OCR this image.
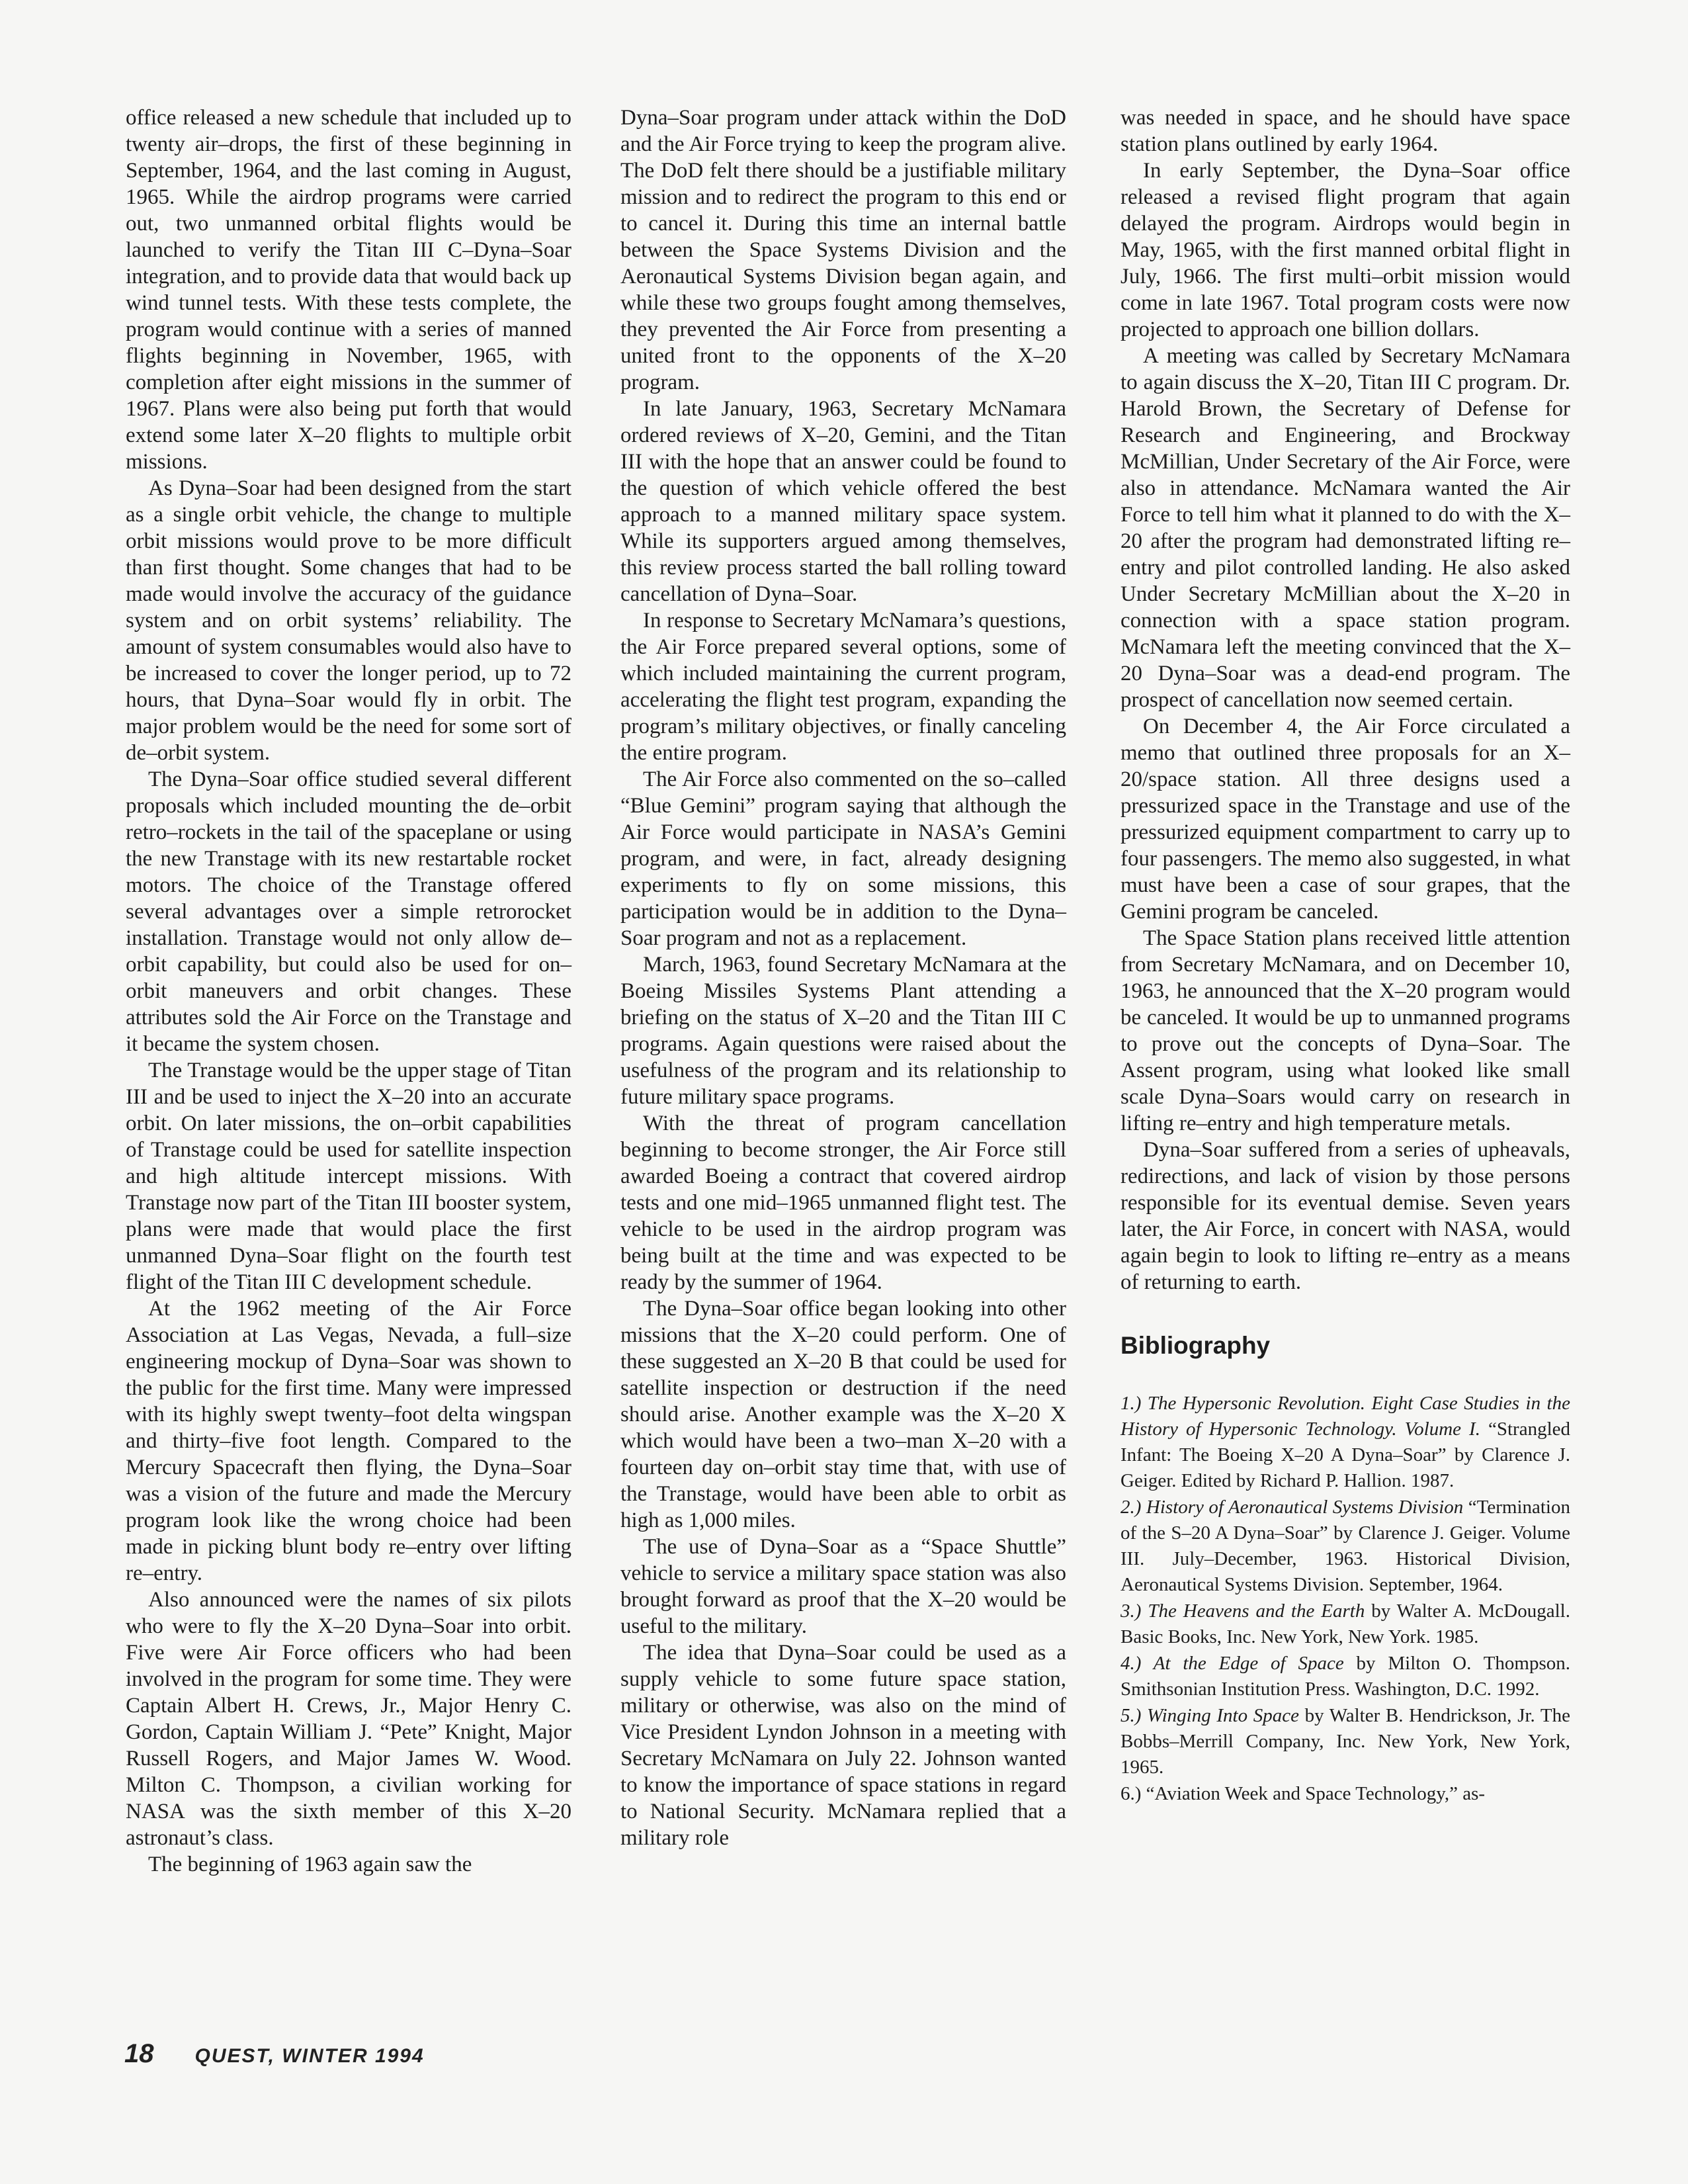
office released a new schedule that included up to twenty air–drops, the first of these beginning in September, 1964, and the last coming in August, 1965. While the airdrop programs were carried out, two unmanned orbital flights would be launched to verify the Titan III C–Dyna–Soar integration, and to provide data that would back up wind tunnel tests. With these tests complete, the program would continue with a series of manned flights beginning in November, 1965, with completion after eight missions in the summer of 1967. Plans were also being put forth that would extend some later X–20 flights to multiple orbit missions.

As Dyna–Soar had been designed from the start as a single orbit vehicle, the change to multiple orbit missions would prove to be more difficult than first thought. Some changes that had to be made would involve the accuracy of the guidance system and on orbit systems’ reliability. The amount of system consumables would also have to be increased to cover the longer period, up to 72 hours, that Dyna–Soar would fly in orbit. The major problem would be the need for some sort of de–orbit system.

The Dyna–Soar office studied several different proposals which included mounting the de–orbit retro–rockets in the tail of the spaceplane or using the new Transtage with its new restartable rocket motors. The choice of the Transtage offered several advantages over a simple retrorocket installation. Transtage would not only allow de–orbit capability, but could also be used for on–orbit maneuvers and orbit changes. These attributes sold the Air Force on the Transtage and it became the system chosen.

The Transtage would be the upper stage of Titan III and be used to inject the X–20 into an accurate orbit. On later missions, the on–orbit capabilities of Transtage could be used for satellite inspection and high altitude intercept missions. With Transtage now part of the Titan III booster system, plans were made that would place the first unmanned Dyna–Soar flight on the fourth test flight of the Titan III C development schedule.

At the 1962 meeting of the Air Force Association at Las Vegas, Nevada, a full–size engineering mockup of Dyna–Soar was shown to the public for the first time. Many were impressed with its highly swept twenty–foot delta wingspan and thirty–five foot length. Compared to the Mercury Spacecraft then flying, the Dyna–Soar was a vision of the future and made the Mercury program look like the wrong choice had been made in picking blunt body re–entry over lifting re–entry.

Also announced were the names of six pilots who were to fly the X–20 Dyna–Soar into orbit. Five were Air Force officers who had been involved in the program for some time. They were Captain Albert H. Crews, Jr., Major Henry C. Gordon, Captain William J. “Pete” Knight, Major Russell Rogers, and Major James W. Wood. Milton C. Thompson, a civilian working for NASA was the sixth member of this X–20 astronaut’s class.

The beginning of 1963 again saw the

Dyna–Soar program under attack within the DoD and the Air Force trying to keep the program alive. The DoD felt there should be a justifiable military mission and to redirect the program to this end or to cancel it. During this time an internal battle between the Space Systems Division and the Aeronautical Systems Division began again, and while these two groups fought among themselves, they prevented the Air Force from presenting a united front to the opponents of the X–20 program.

In late January, 1963, Secretary McNamara ordered reviews of X–20, Gemini, and the Titan III with the hope that an answer could be found to the question of which vehicle offered the best approach to a manned military space system. While its supporters argued among themselves, this review process started the ball rolling toward cancellation of Dyna–Soar.

In response to Secretary McNamara’s questions, the Air Force prepared several options, some of which included maintaining the current program, accelerating the flight test program, expanding the program’s military objectives, or finally canceling the entire program.

The Air Force also commented on the so–called “Blue Gemini” program saying that although the Air Force would participate in NASA’s Gemini program, and were, in fact, already designing experiments to fly on some missions, this participation would be in addition to the Dyna–Soar program and not as a replacement.

March, 1963, found Secretary McNamara at the Boeing Missiles Systems Plant attending a briefing on the status of X–20 and the Titan III C programs. Again questions were raised about the usefulness of the program and its relationship to future military space programs.

With the threat of program cancellation beginning to become stronger, the Air Force still awarded Boeing a contract that covered airdrop tests and one mid–1965 unmanned flight test. The vehicle to be used in the airdrop program was being built at the time and was expected to be ready by the summer of 1964.

The Dyna–Soar office began looking into other missions that the X–20 could perform. One of these suggested an X–20 B that could be used for satellite inspection or destruction if the need should arise. Another example was the X–20 X which would have been a two–man X–20 with a fourteen day on–orbit stay time that, with use of the Transtage, would have been able to orbit as high as 1,000 miles.

The use of Dyna–Soar as a “Space Shuttle” vehicle to service a military space station was also brought forward as proof that the X–20 would be useful to the military.

The idea that Dyna–Soar could be used as a supply vehicle to some future space station, military or otherwise, was also on the mind of Vice President Lyndon Johnson in a meeting with Secretary McNamara on July 22. Johnson wanted to know the importance of space stations in regard to National Security. McNamara replied that a military role

was needed in space, and he should have space station plans outlined by early 1964.

In early September, the Dyna–Soar office released a revised flight program that again delayed the program. Airdrops would begin in May, 1965, with the first manned orbital flight in July, 1966. The first multi–orbit mission would come in late 1967. Total program costs were now projected to approach one billion dollars.

A meeting was called by Secretary McNamara to again discuss the X–20, Titan III C program. Dr. Harold Brown, the Secretary of Defense for Research and Engineering, and Brockway McMillian, Under Secretary of the Air Force, were also in attendance. McNamara wanted the Air Force to tell him what it planned to do with the X–20 after the program had demonstrated lifting re–entry and pilot controlled landing. He also asked Under Secretary McMillian about the X–20 in connection with a space station program. McNamara left the meeting convinced that the X–20 Dyna–Soar was a dead-end program. The prospect of cancellation now seemed certain.

On December 4, the Air Force circulated a memo that outlined three proposals for an X–20/space station. All three designs used a pressurized space in the Transtage and use of the pressurized equipment compartment to carry up to four passengers. The memo also suggested, in what must have been a case of sour grapes, that the Gemini program be canceled.

The Space Station plans received little attention from Secretary McNamara, and on December 10, 1963, he announced that the X–20 program would be canceled. It would be up to unmanned programs to prove out the concepts of Dyna–Soar. The Assent program, using what looked like small scale Dyna–Soars would carry on research in lifting re–entry and high temperature metals.

Dyna–Soar suffered from a series of upheavals, redirections, and lack of vision by those persons responsible for its eventual demise. Seven years later, the Air Force, in concert with NASA, would again begin to look to lifting re–entry as a means of returning to earth.

Bibliography

1.) The Hypersonic Revolution. Eight Case Studies in the History of Hypersonic Technology. Volume I. “Strangled Infant: The Boeing X–20 A Dyna–Soar” by Clarence J. Geiger. Edited by Richard P. Hallion. 1987.

2.) History of Aeronautical Systems Division “Termination of the S–20 A Dyna–Soar” by Clarence J. Geiger. Volume III. July–December, 1963. Historical Division, Aeronautical Systems Division. September, 1964.

3.) The Heavens and the Earth by Walter A. McDougall. Basic Books, Inc. New York, New York. 1985.

4.) At the Edge of Space by Milton O. Thompson. Smithsonian Institution Press. Washington, D.C. 1992.

5.) Winging Into Space by Walter B. Hendrickson, Jr. The Bobbs–Merrill Company, Inc. New York, New York, 1965.

6.) “Aviation Week and Space Technology,” as-

18 QUEST, WINTER 1994
